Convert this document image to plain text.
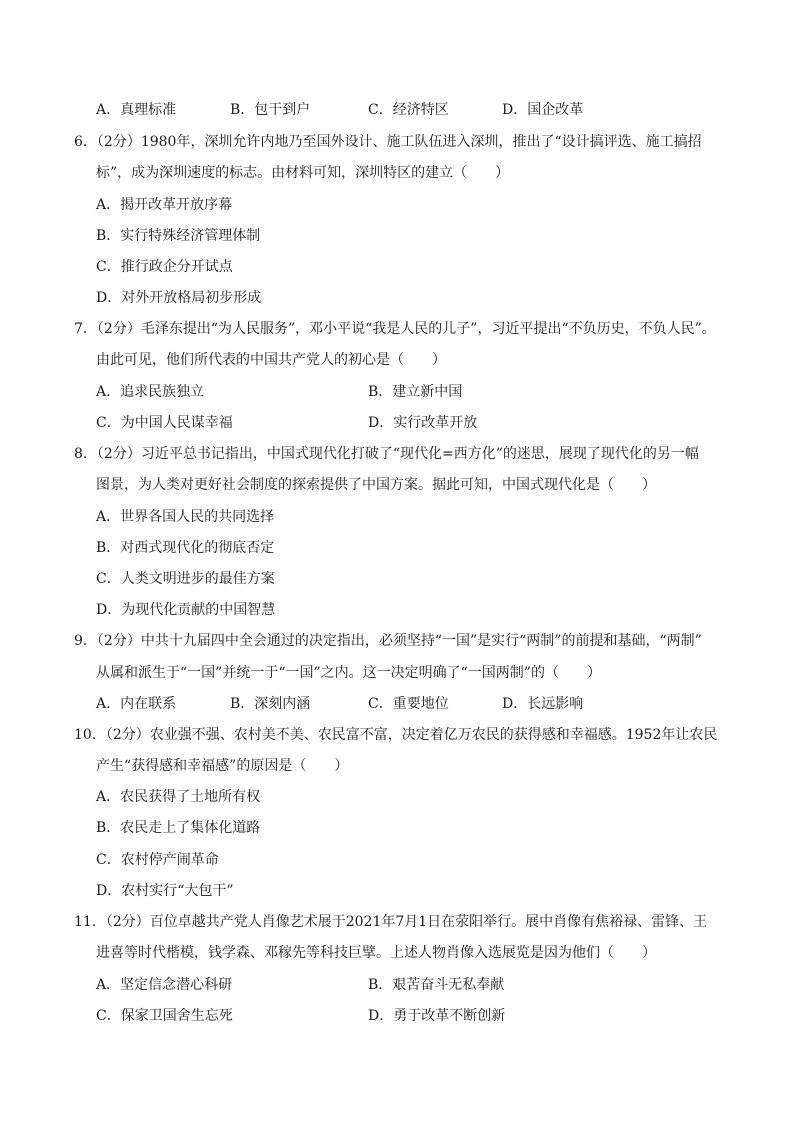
A．真理标准	B．包干到户	C．经济特区	D．国企改革
6．（2分）1980年，深圳允许内地乃至国外设计、施工队伍进入深圳，推出了“设计搞评选、施工搞招
标”，成为深圳速度的标志。由材料可知，深圳特区的建立（　　）
A．揭开改革开放序幕
B．实行特殊经济管理体制
C．推行政企分开试点
D．对外开放格局初步形成
7．（2分）毛泽东提出“为人民服务”，邓小平说“我是人民的儿子”，习近平提出“不负历史，不负人民”。
由此可见，他们所代表的中国共产党人的初心是（　　）
A．追求民族独立	B．建立新中国
C．为中国人民谋幸福	D．实行改革开放
8．（2分）习近平总书记指出，中国式现代化打破了“现代化=西方化”的迷思，展现了现代化的另一幅
图景，为人类对更好社会制度的探索提供了中国方案。据此可知，中国式现代化是（　　）
A．世界各国人民的共同选择
B．对西式现代化的彻底否定
C．人类文明进步的最佳方案
D．为现代化贡献的中国智慧
9．（2分）中共十九届四中全会通过的决定指出，必须坚持“一国”是实行“两制”的前提和基础，“两制”
从属和派生于“一国”并统一于“一国”之内。这一决定明确了“一国两制”的（　　）
A．内在联系	B．深刻内涵	C．重要地位	D．长远影响
10．（2分）农业强不强、农村美不美、农民富不富，决定着亿万农民的获得感和幸福感。1952年让农民
产生“获得感和幸福感”的原因是（　　）
A．农民获得了土地所有权
B．农民走上了集体化道路
C．农村停产闹革命
D．农村实行“大包干”
11．（2分）百位卓越共产党人肖像艺术展于2021年7月1日在荥阳举行。展中肖像有焦裕禄、雷锋、王
进喜等时代楷模，钱学森、邓稼先等科技巨擘。上述人物肖像入选展览是因为他们（　　）
A．坚定信念潜心科研	B．艰苦奋斗无私奉献
C．保家卫国舍生忘死	D．勇于改革不断创新
